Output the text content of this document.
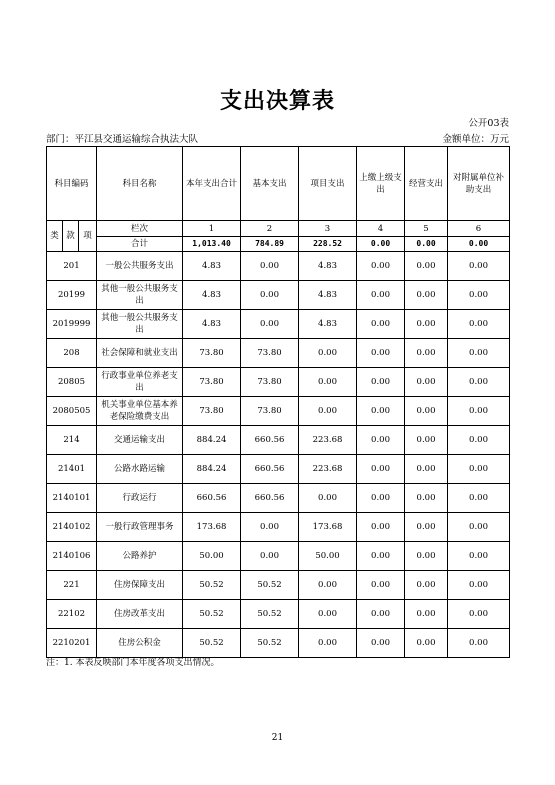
支出决算表
公开03表
部门：平江县交通运输综合执法大队	金额单位：万元
科目编码			科目名称	本年支出合计	基本支出	项目支出	上缴上级支出	经营支出	对附属单位补助支出
类	款	项	栏次	1	2	3	4	5	6
			合计	1,013.40	784.89	228.52	0.00	0.00	0.00
201			一般公共服务支出	4.83	0.00	4.83	0.00	0.00	0.00
20199			其他一般公共服务支出	4.83	0.00	4.83	0.00	0.00	0.00
2019999			其他一般公共服务支出	4.83	0.00	4.83	0.00	0.00	0.00
208			社会保障和就业支出	73.80	73.80	0.00	0.00	0.00	0.00
20805			行政事业单位养老支出	73.80	73.80	0.00	0.00	0.00	0.00
2080505			机关事业单位基本养老保险缴费支出	73.80	73.80	0.00	0.00	0.00	0.00
214			交通运输支出	884.24	660.56	223.68	0.00	0.00	0.00
21401			公路水路运输	884.24	660.56	223.68	0.00	0.00	0.00
2140101			行政运行	660.56	660.56	0.00	0.00	0.00	0.00
2140102			一般行政管理事务	173.68	0.00	173.68	0.00	0.00	0.00
2140106			公路养护	50.00	0.00	50.00	0.00	0.00	0.00
221			住房保障支出	50.52	50.52	0.00	0.00	0.00	0.00
22102			住房改革支出	50.52	50.52	0.00	0.00	0.00	0.00
2210201			住房公积金	50.52	50.52	0.00	0.00	0.00	0.00
注：1. 本表反映部门本年度各项支出情况。
21
